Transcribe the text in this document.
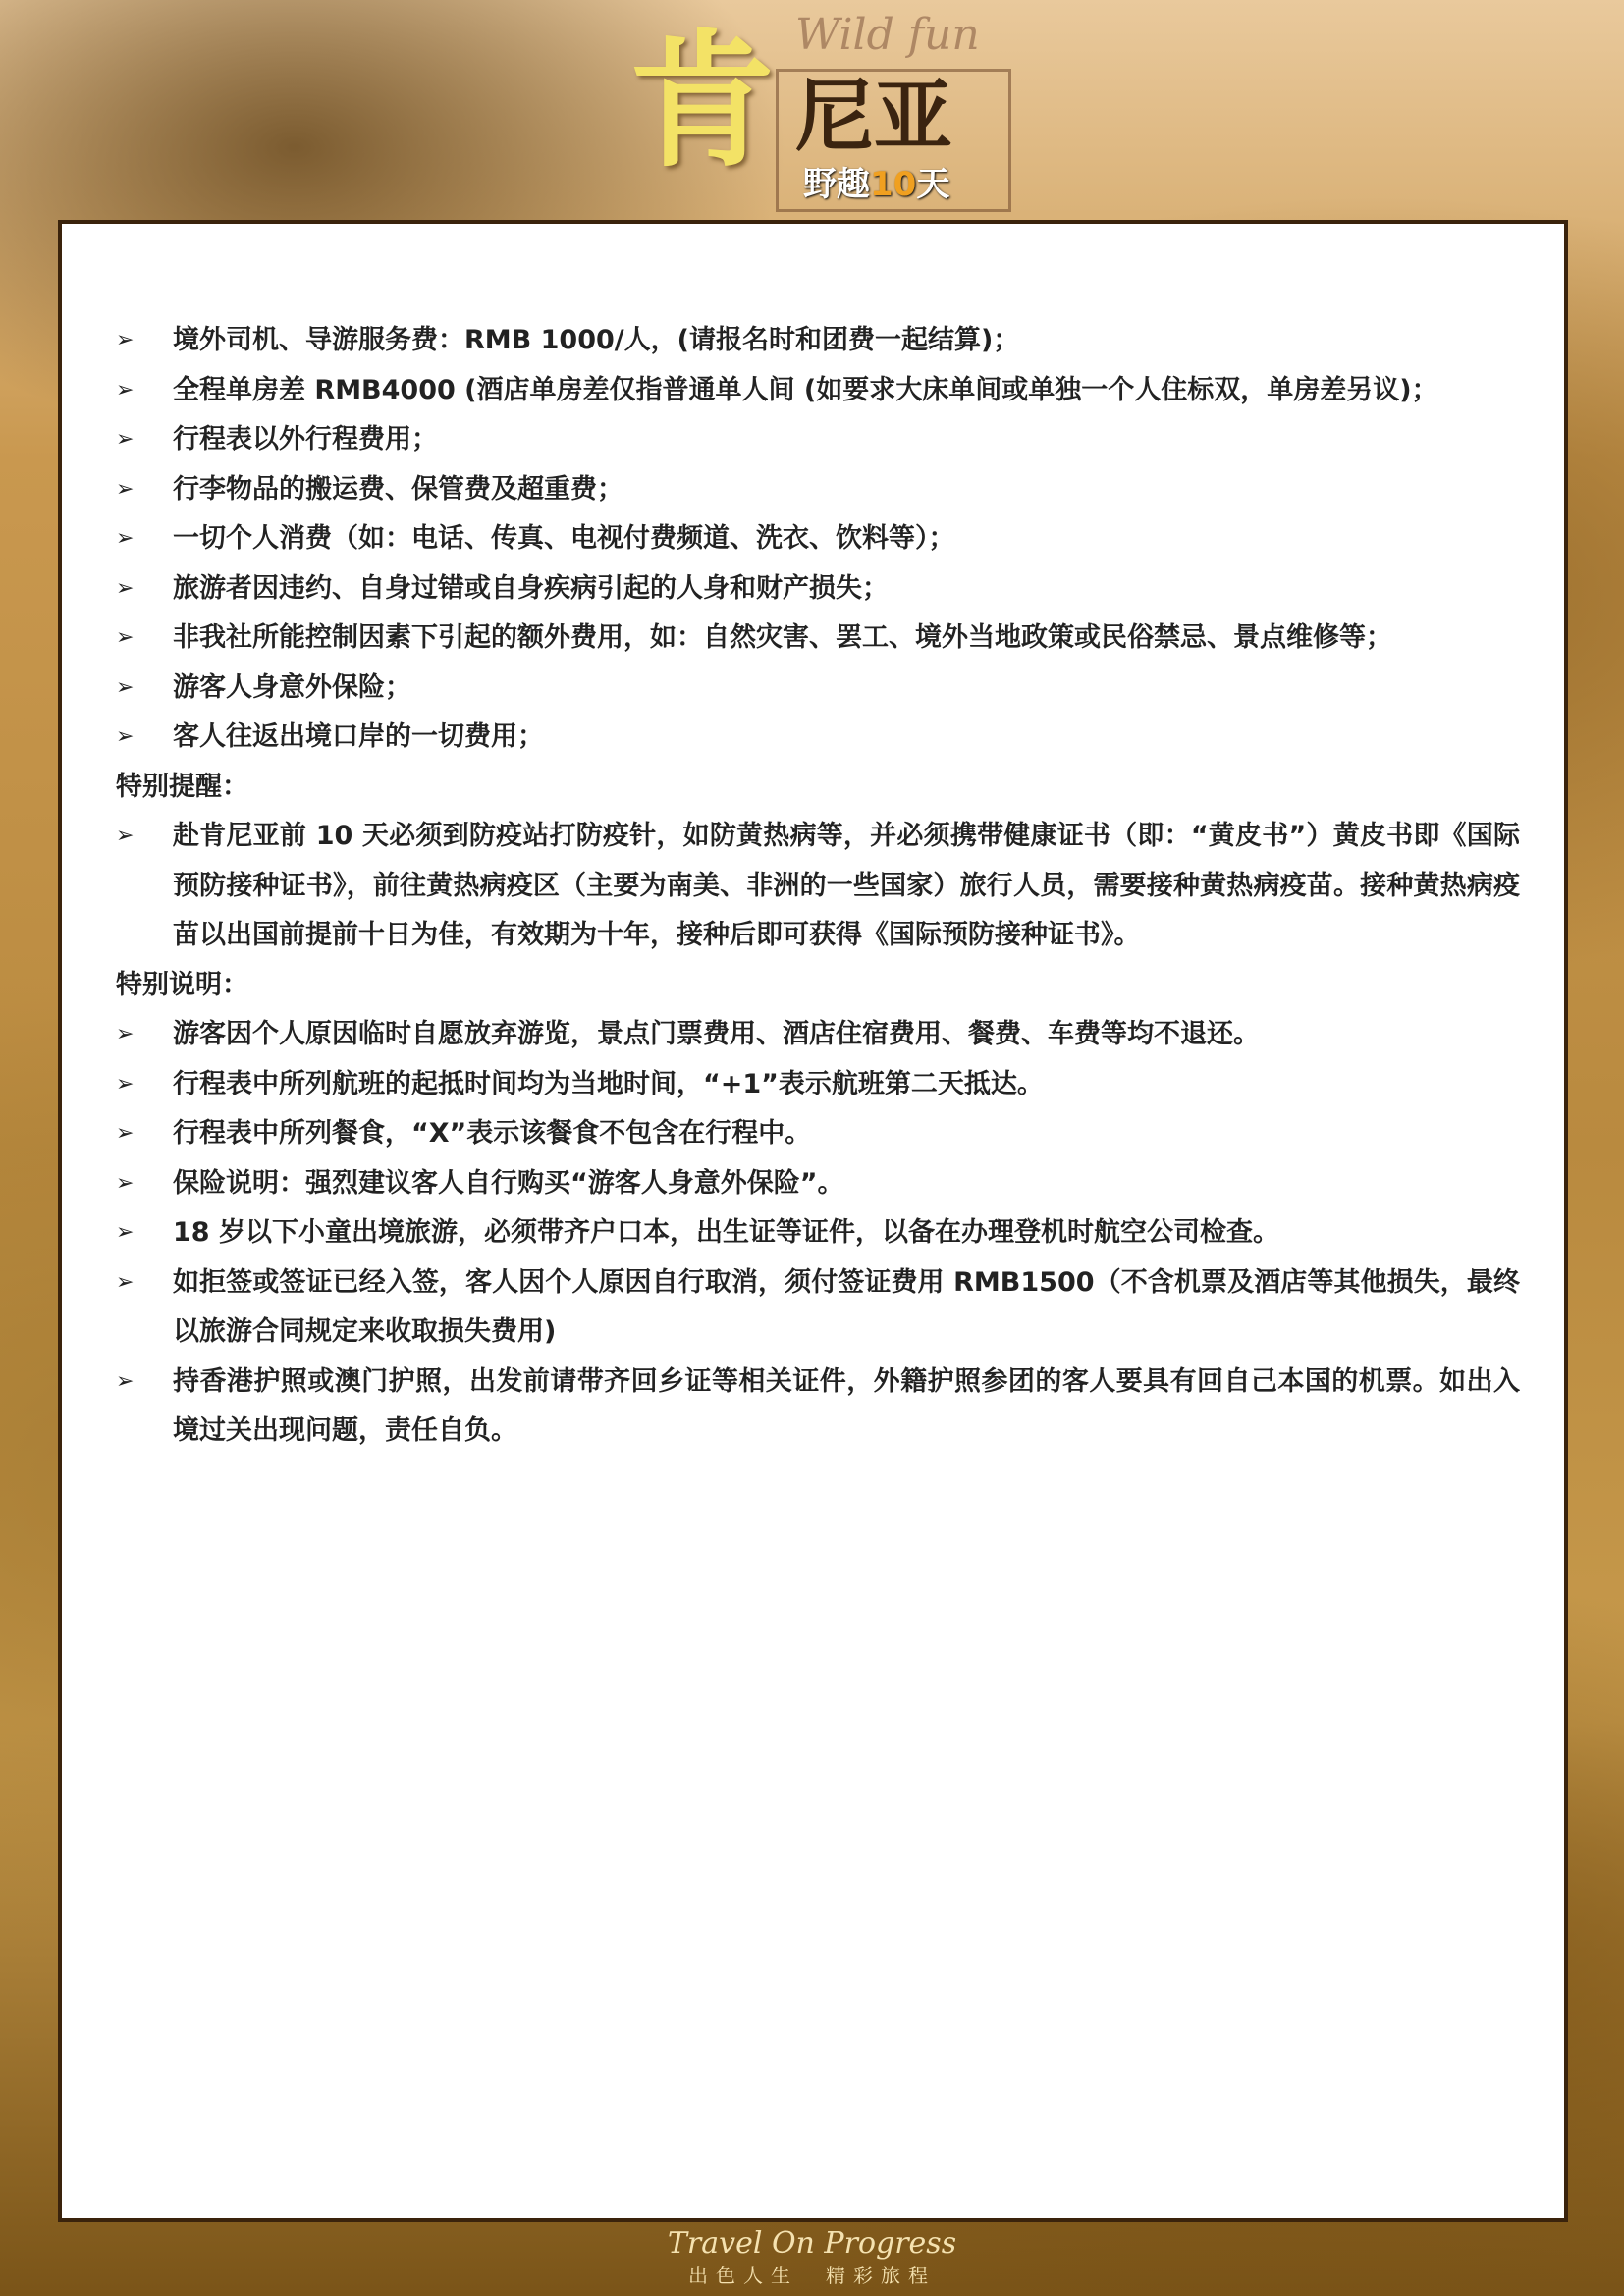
肯 Wild fun
尼亚
野趣10天
➢ 境外司机、导游服务费：RMB 1000/人，(请报名时和团费一起结算)；
➢ 全程单房差 RMB4000 (酒店单房差仅指普通单人间 (如要求大床单间或单独一个人住标双，单房差另议)；
➢ 行程表以外行程费用；
➢ 行李物品的搬运费、保管费及超重费；
➢ 一切个人消费（如：电话、传真、电视付费频道、洗衣、饮料等）；
➢ 旅游者因违约、自身过错或自身疾病引起的人身和财产损失；
➢ 非我社所能控制因素下引起的额外费用，如：自然灾害、罢工、境外当地政策或民俗禁忌、景点维修等；
➢ 游客人身意外保险；
➢ 客人往返出境口岸的一切费用；
特别提醒：
➢ 赴肯尼亚前 10 天必须到防疫站打防疫针，如防黄热病等，并必须携带健康证书（即：“黄皮书”）黄皮书即《国际预防接种证书》，前往黄热病疫区（主要为南美、非洲的一些国家）旅行人员，需要接种黄热病疫苗。接种黄热病疫苗以出国前提前十日为佳，有效期为十年，接种后即可获得《国际预防接种证书》。
特别说明：
➢ 游客因个人原因临时自愿放弃游览，景点门票费用、酒店住宿费用、餐费、车费等均不退还。
➢ 行程表中所列航班的起抵时间均为当地时间，“+1”表示航班第二天抵达。
➢ 行程表中所列餐食，“X”表示该餐食不包含在行程中。
➢ 保险说明：强烈建议客人自行购买“游客人身意外保险”。
➢ 18 岁以下小童出境旅游，必须带齐户口本，出生证等证件，以备在办理登机时航空公司检查。
➢ 如拒签或签证已经入签，客人因个人原因自行取消，须付签证费用 RMB1500（不含机票及酒店等其他损失，最终以旅游合同规定来收取损失费用)
➢ 持香港护照或澳门护照，出发前请带齐回乡证等相关证件，外籍护照参团的客人要具有回自己本国的机票。如出入境过关出现问题，责任自负。
Travel On Progress
出色人生　精彩旅程
